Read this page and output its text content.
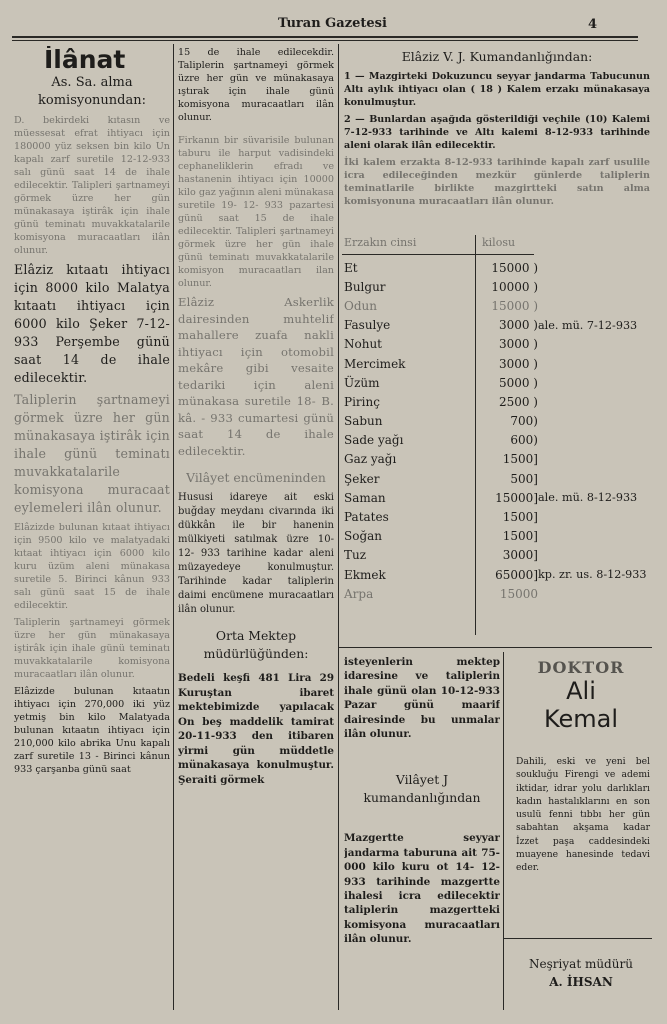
Turan Gazetesi	4
İlânat

As. Sa. alma komisyonundan:

D. bekirdeki kıtasın ve müessesat efrat ihtiyacı için 180000 yüz seksen bin kilo Un kapalı zarf suretile 12-12-933 salı günü saat 14 de ihale edilecektir. Talipleri şartnameyi görmek üzre her gün münakasaya iştirâk için ihale günü teminatı muvakkatalarile komisyona muracaatları ilân olunur.

Elâziz kıtaatı ihtiyacı için 8000 kilo Malatya kıtaatı ihtiyacı için 6000 kilo Şeker 7-12-933 Perşembe günü saat 14 de ihale edilecektir.

Taliplerin şartnameyi görmek üzre her gün münakasaya iştirâk için ihale günü teminatı muvakkatalarile komisyona muracaat eylemeleri ilân olunur.

Elâzizde bulunan kıtaat ihtiyacı için 9500 kilo ve malatyadaki kıtaat ihtiyacı için 6000 kilo kuru üzüm aleni münakasa suretile 5. Birinci kânun 933 salı günü saat 15 de ihale edilecektir.

Taliplerin şartnameyi görmek üzre her gün münakasaya iştirâk için ihale günü teminatı muvakkatalarile komisyona muracaatları ilân olunur.

Elâzizde bulunan kıtaatın ihtiyacı için 270,000 iki yüz yetmiş bin kilo Malatyada bulunan kıtaatın ihtiyacı için 210,000 kilo abrika Unu kapalı zarf suretile 13 - Birinci kânun 933 çarşanba günü saat

15 de ihale edilecekdir. Taliplerin şartnameyi görmek üzre her gün ve münakasaya ıştırak için ihale günü komisyona muracaatları ilân olunur.

Firkanın bir süvarisile bulunan taburu ile harput vadisindeki cephaneliklerin efradı ve hastanenin ihtiyacı için 10000 kilo gaz yağının aleni münakasa suretile 19- 12- 933 pazartesi günü saat 15 de ihale edilecektir. Talipleri şartnameyi görmek üzre her gün ihale günü teminatı muvakkatalarile komisyon muracaatları ilan olunur.

Elâziz Askerlik dairesinden muhtelif mahallere zuafa nakli ihtiyacı için otomobil mekâre gibi vesaite tedariki için aleni münakasa suretile 18- B. kâ. - 933 cumartesi günü saat 14 de ihale edilecektir.

Vilâyet encümeninden

Hususi idareye ait eski buğday meydanı civarında iki dükkân ile bir hanenin mülkiyeti satılmak üzre 10- 12- 933 tarihine kadar aleni müzayedeye konulmuştur. Tarihinde kadar taliplerin daimi encümene muracaatları ilân olunur.

Orta Mektep müdürlüğünden:

Bedeli keşfi 481 Lira 29 Kuruştan ibaret mektebimizde yapılacak On beş maddelik tamirat 20-11-933 den itibaren yirmi gün müddetle münakasaya konulmuştur. Şeraiti görmek

Elâziz V. J. Kumandanlığından:

1 — Mazgirteki Dokuzuncu seyyar jandarma Tabucunun Altı aylık ihtiyacı olan ( 18 ) Kalem erzakı münakasaya konulmuştur.

2 — Bunlardan aşağıda gösterildiği veçhile (10) Kalemi 7-12-933 tarihinde ve Altı kalemi 8-12-933 tarihinde aleni olarak ilân edilecektir.

İki kalem erzakta 8-12-933 tarihinde kapalı zarf usulile icra edileceğinden mezkür günlerde taliplerin teminatlarile birlikte mazgirtteki satın alma komisyonuna muracaatları ilân olunur.

Erzakın cinsi	kilosu
Et	15000 )	
Bulgur	10000 )	
Odun	15000 )	
Fasulye	3000 )	ale. mü. 7-12-933
Nohut	3000 )	
Mercimek	3000 )	
Üzüm	5000 )	
Pirinç	2500 )	
Sabun	700)	
Sade yağı	600)	
Gaz yağı	1500]	
Şeker	500]	
Saman	15000]	ale. mü. 8-12-933
Patates	1500]	
Soğan	1500]	
Tuz	3000]	
Ekmek	65000]	kp. zr. us. 8-12-933
Arpa	15000	

isteyenlerin mektep idaresine ve taliplerin ihale günü olan 10-12-933 Pazar günü maarif dairesinde bu unmalar ilân olunur.

Vilâyet J kumandanlığından

Mazgertte seyyar jandarma taburuna ait 75-000 kilo kuru ot 14- 12-933 tarihinde mazgertte ihalesi icra edilecektir taliplerin mazgertteki komisyona muracaatları ilân olunur.

DOKTOR
Ali
Kemal
Dahili, eski ve yeni bel soukluğu Firengi ve ademi iktidar, idrar yolu darlıkları kadın hastalıklarını en son usulü fenni tıbbı her gün sabahtan akşama kadar İzzet paşa caddesindeki muayene hanesinde tedavi eder.
Neşriyat müdürü
A. İHSAN
